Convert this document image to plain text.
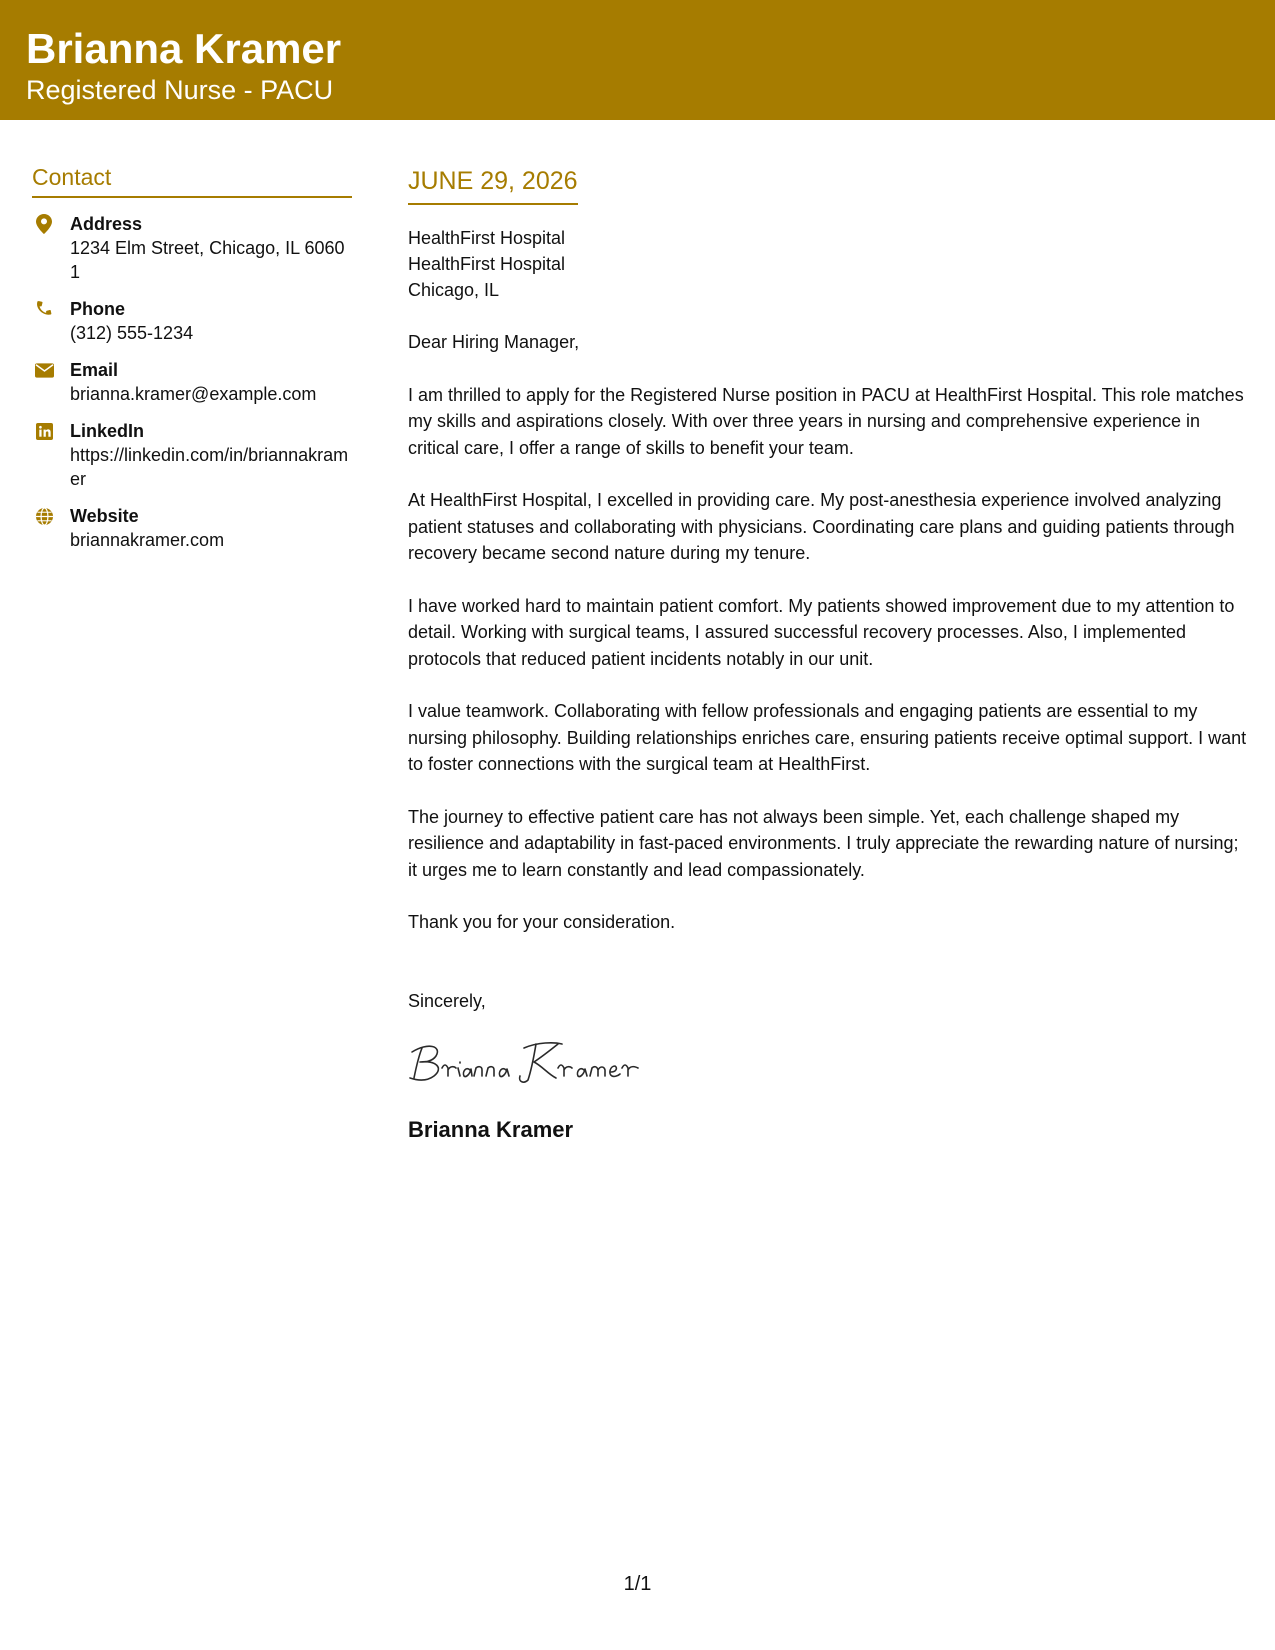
Brianna Kramer
Registered Nurse - PACU
Contact
Address
1234 Elm Street, Chicago, IL 60601
Phone
(312) 555-1234
Email
brianna.kramer@example.com
LinkedIn
https://linkedin.com/in/briannakramer
Website
briannakramer.com
JUNE 29, 2026
HealthFirst Hospital
HealthFirst Hospital
Chicago, IL
Dear Hiring Manager,
I am thrilled to apply for the Registered Nurse position in PACU at HealthFirst Hospital. This role matches my skills and aspirations closely. With over three years in nursing and comprehensive experience in critical care, I offer a range of skills to benefit your team.
At HealthFirst Hospital, I excelled in providing care. My post-anesthesia experience involved analyzing patient statuses and collaborating with physicians. Coordinating care plans and guiding patients through recovery became second nature during my tenure.
I have worked hard to maintain patient comfort. My patients showed improvement due to my attention to detail. Working with surgical teams, I assured successful recovery processes. Also, I implemented protocols that reduced patient incidents notably in our unit.
I value teamwork. Collaborating with fellow professionals and engaging patients are essential to my nursing philosophy. Building relationships enriches care, ensuring patients receive optimal support. I want to foster connections with the surgical team at HealthFirst.
The journey to effective patient care has not always been simple. Yet, each challenge shaped my resilience and adaptability in fast-paced environments. I truly appreciate the rewarding nature of nursing; it urges me to learn constantly and lead compassionately.
Thank you for your consideration.
Sincerely,
Brianna Kramer
1/1
